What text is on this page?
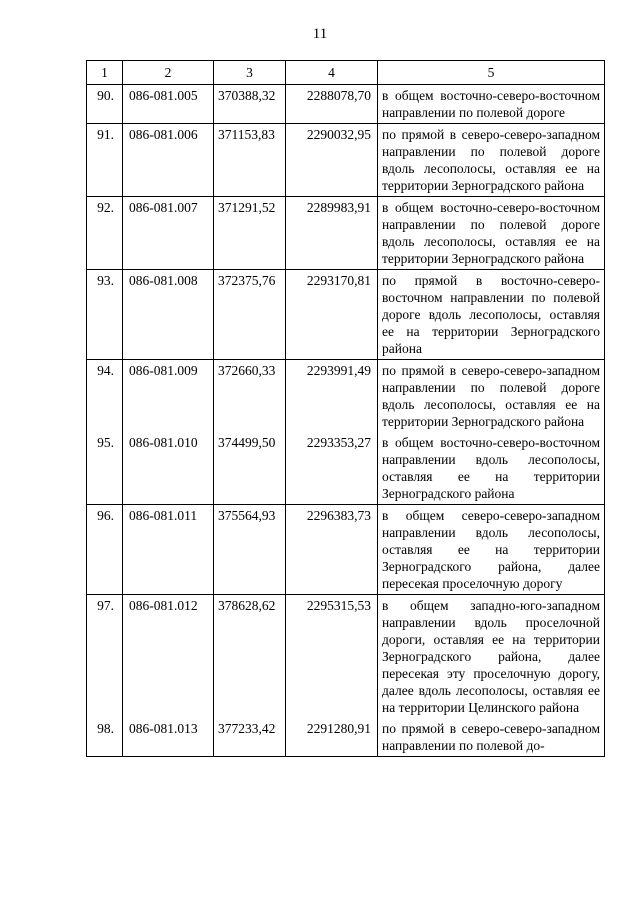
11
1	2	3	4	5
90.	086-081.005	370388,32	2288078,70	в общем восточно-северо-восточном направлении по полевой дороге
91.	086-081.006	371153,83	2290032,95	по прямой в северо-северо-западном направлении по полевой дороге вдоль лесополосы, оставляя ее на территории Зерноградского района
92.	086-081.007	371291,52	2289983,91	в общем восточно-северо-восточном направлении по полевой дороге вдоль лесополосы, оставляя ее на территории Зерноградского района
93.	086-081.008	372375,76	2293170,81	по прямой в восточно-северо-восточном направлении по полевой дороге вдоль лесополосы, оставляя ее на территории Зерноградского района
94.	086-081.009	372660,33	2293991,49	по прямой в северо-северо-западном направлении по полевой дороге вдоль лесополосы, оставляя ее на территории Зерноградского района
95.	086-081.010	374499,50	2293353,27	в общем восточно-северо-восточном направлении вдоль лесополосы, оставляя ее на территории Зерноградского района
96.	086-081.011	375564,93	2296383,73	в общем северо-северо-западном направлении вдоль лесополосы, оставляя ее на территории Зерноградского района, далее пересекая проселочную дорогу
97.	086-081.012	378628,62	2295315,53	в общем западно-юго-западном направлении вдоль проселочной дороги, оставляя ее на территории Зерноградского района, далее пересекая эту проселочную дорогу, далее вдоль лесополосы, оставляя ее на территории Целинского района
98.	086-081.013	377233,42	2291280,91	по прямой в северо-северо-западном направлении по полевой до-
